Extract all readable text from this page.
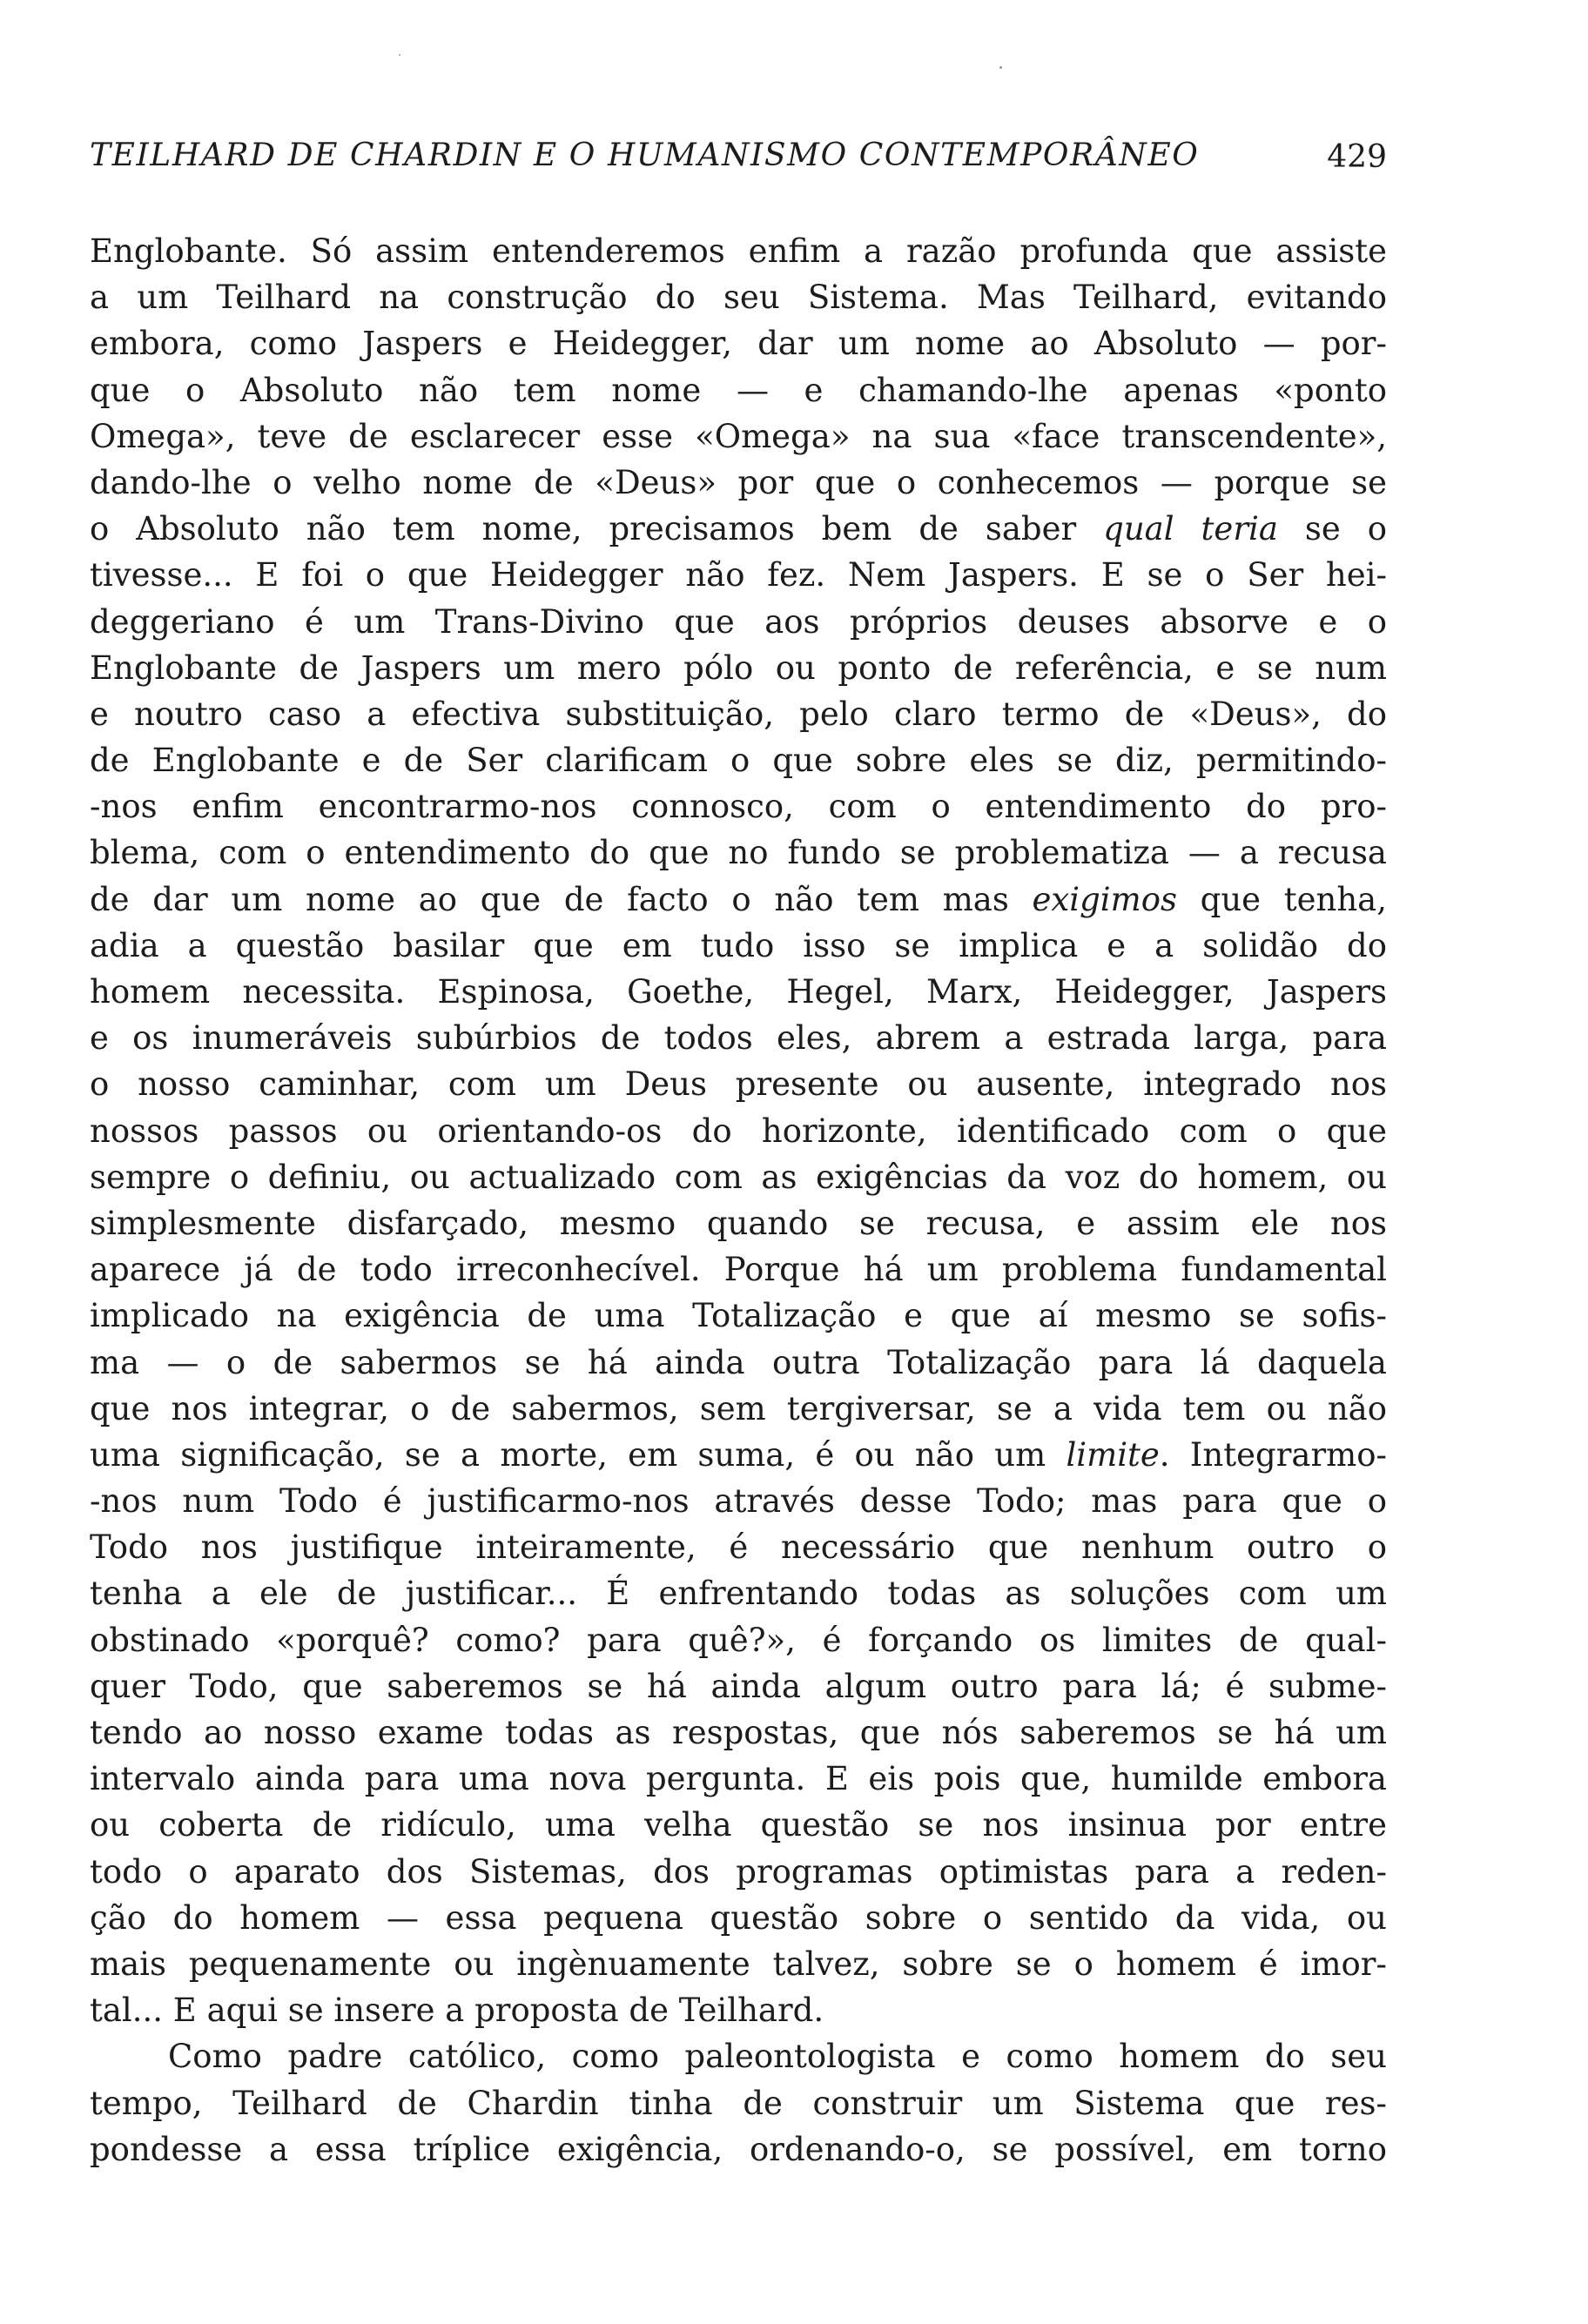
TEILHARD DE CHARDIN E O HUMANISMO CONTEMPORÂNEO	429
Englobante. Só assim entenderemos enfim a razão profunda que assiste
a um Teilhard na construção do seu Sistema. Mas Teilhard, evitando
embora, como Jaspers e Heidegger, dar um nome ao Absoluto — por-
que o Absoluto não tem nome — e chamando-lhe apenas «ponto
Omega», teve de esclarecer esse «Omega» na sua «face transcendente»,
dando-lhe o velho nome de «Deus» por que o conhecemos — porque se
o Absoluto não tem nome, precisamos bem de saber qual teria se o
tivesse... E foi o que Heidegger não fez. Nem Jaspers. E se o Ser hei-
deggeriano é um Trans-Divino que aos próprios deuses absorve e o
Englobante de Jaspers um mero pólo ou ponto de referência, e se num
e noutro caso a efectiva substituição, pelo claro termo de «Deus», do
de Englobante e de Ser clarificam o que sobre eles se diz, permitindo-
-nos enfim encontrarmo-nos connosco, com o entendimento do pro-
blema, com o entendimento do que no fundo se problematiza — a recusa
de dar um nome ao que de facto o não tem mas exigimos que tenha,
adia a questão basilar que em tudo isso se implica e a solidão do
homem necessita. Espinosa, Goethe, Hegel, Marx, Heidegger, Jaspers
e os inumeráveis subúrbios de todos eles, abrem a estrada larga, para
o nosso caminhar, com um Deus presente ou ausente, integrado nos
nossos passos ou orientando-os do horizonte, identificado com o que
sempre o definiu, ou actualizado com as exigências da voz do homem, ou
simplesmente disfarçado, mesmo quando se recusa, e assim ele nos
aparece já de todo irreconhecível. Porque há um problema fundamental
implicado na exigência de uma Totalização e que aí mesmo se sofis-
ma — o de sabermos se há ainda outra Totalização para lá daquela
que nos integrar, o de sabermos, sem tergiversar, se a vida tem ou não
uma significação, se a morte, em suma, é ou não um limite. Integrarmo-
-nos num Todo é justificarmo-nos através desse Todo; mas para que o
Todo nos justifique inteiramente, é necessário que nenhum outro o
tenha a ele de justificar... É enfrentando todas as soluções com um
obstinado «porquê? como? para quê?», é forçando os limites de qual-
quer Todo, que saberemos se há ainda algum outro para lá; é subme-
tendo ao nosso exame todas as respostas, que nós saberemos se há um
intervalo ainda para uma nova pergunta. E eis pois que, humilde embora
ou coberta de ridículo, uma velha questão se nos insinua por entre
todo o aparato dos Sistemas, dos programas optimistas para a reden-
ção do homem — essa pequena questão sobre o sentido da vida, ou
mais pequenamente ou ingènuamente talvez, sobre se o homem é imor-
tal... E aqui se insere a proposta de Teilhard.
Como padre católico, como paleontologista e como homem do seu
tempo, Teilhard de Chardin tinha de construir um Sistema que res-
pondesse a essa tríplice exigência, ordenando-o, se possível, em torno
